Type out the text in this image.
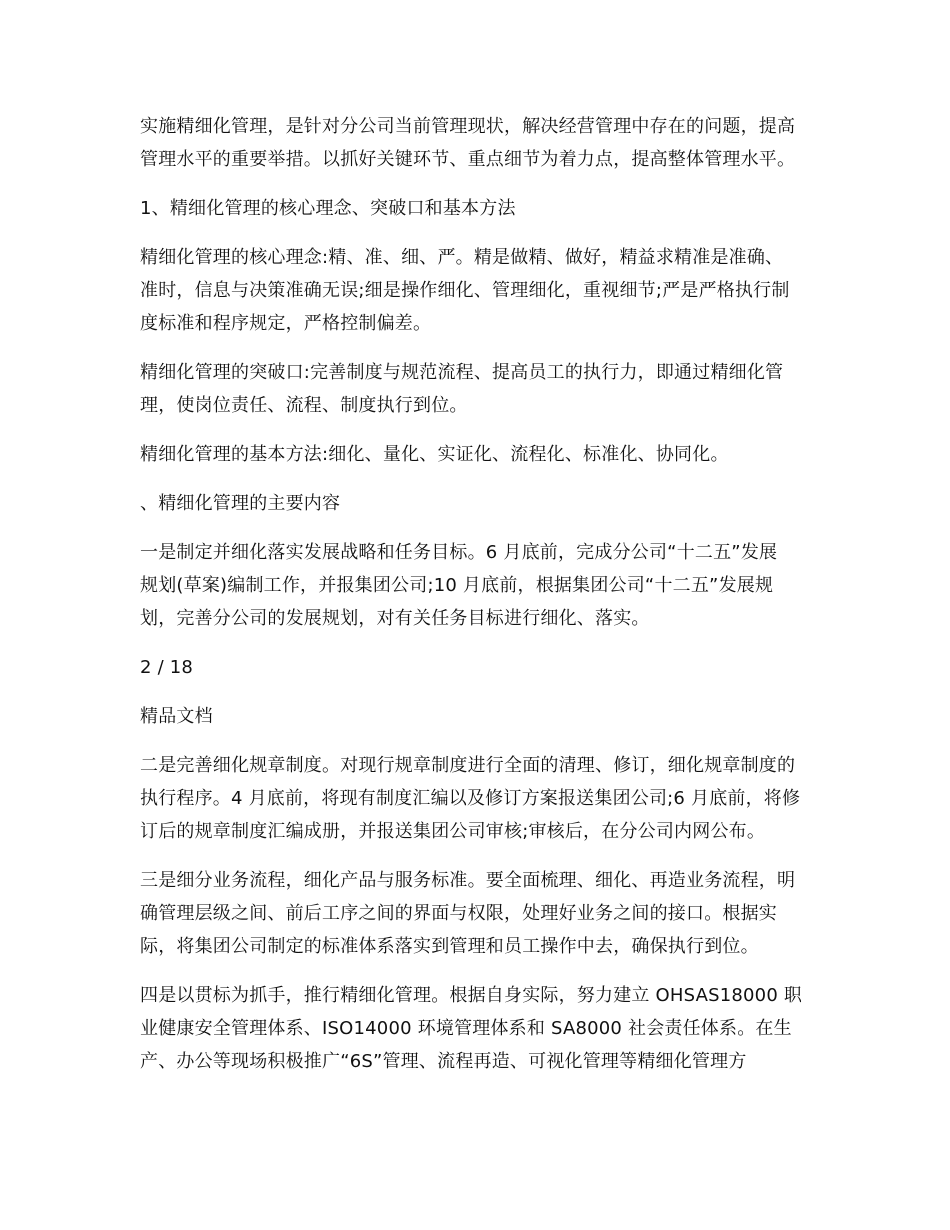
实施精细化管理，是针对分公司当前管理现状，解决经营管理中存在的问题，提高
管理水平的重要举措。以抓好关键环节、重点细节为着力点，提高整体管理水平。

1、精细化管理的核心理念、突破口和基本方法

精细化管理的核心理念:精、准、细、严。精是做精、做好，精益求精准是准确、
准时，信息与决策准确无误;细是操作细化、管理细化，重视细节;严是严格执行制
度标准和程序规定，严格控制偏差。

精细化管理的突破口:完善制度与规范流程、提高员工的执行力，即通过精细化管
理，使岗位责任、流程、制度执行到位。

精细化管理的基本方法:细化、量化、实证化、流程化、标准化、协同化。

、精细化管理的主要内容

一是制定并细化落实发展战略和任务目标。6 月底前，完成分公司“十二五”发展
规划(草案)编制工作，并报集团公司;10 月底前，根据集团公司“十二五”发展规
划，完善分公司的发展规划，对有关任务目标进行细化、落实。

2 / 18

精品文档

二是完善细化规章制度。对现行规章制度进行全面的清理、修订，细化规章制度的
执行程序。4 月底前，将现有制度汇编以及修订方案报送集团公司;6 月底前，将修
订后的规章制度汇编成册，并报送集团公司审核;审核后，在分公司内网公布。

三是细分业务流程，细化产品与服务标准。要全面梳理、细化、再造业务流程，明
确管理层级之间、前后工序之间的界面与权限，处理好业务之间的接口。根据实
际，将集团公司制定的标准体系落实到管理和员工操作中去，确保执行到位。

四是以贯标为抓手，推行精细化管理。根据自身实际，努力建立 OHSAS18000 职
业健康安全管理体系、ISO14000 环境管理体系和 SA8000 社会责任体系。在生
产、办公等现场积极推广“6S”管理、流程再造、可视化管理等精细化管理方
